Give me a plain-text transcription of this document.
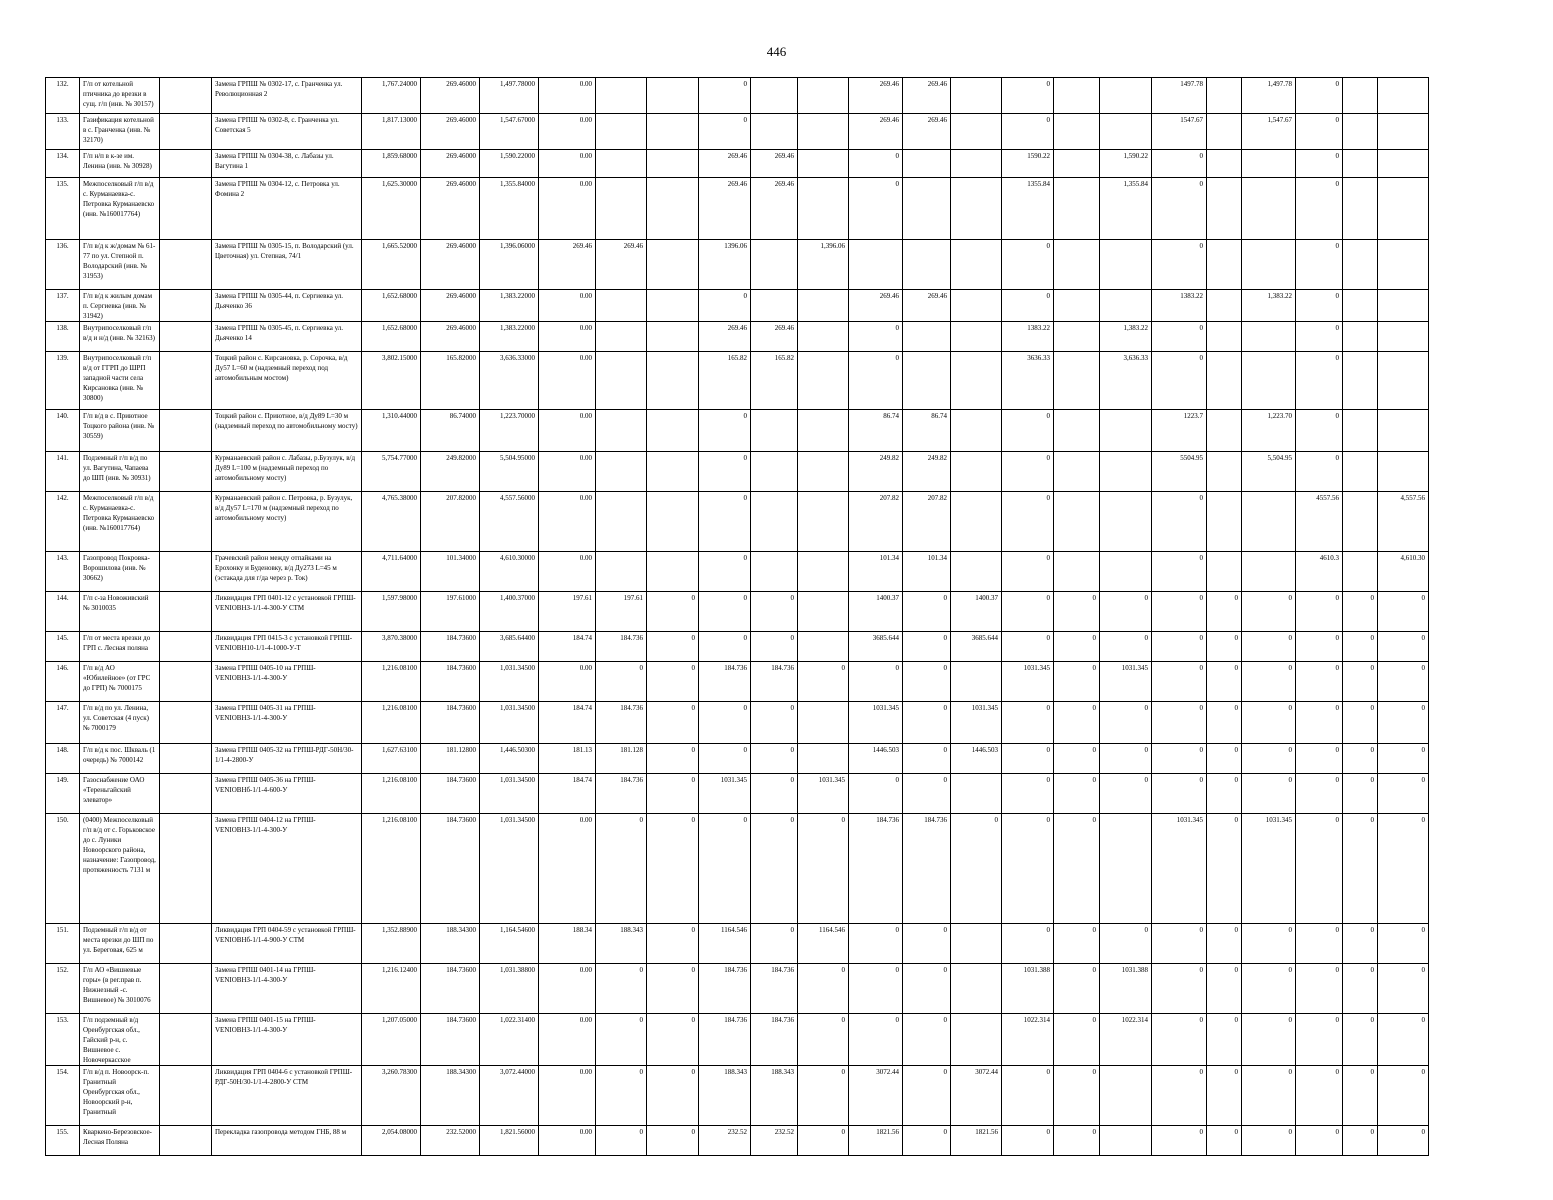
446
132.	Г/п от котельной птичника до врезки в сущ. г/п (инв. № 30157)		Замена ГРПШ № 0302-17, с. Гранченка ул. Революционная 2	1,767.24000	269.46000	1,497.78000	0.00			0			269.46	269.46		0			1497.78		1,497.78	0		
133.	Газификация котельной в с. Гранченка (инв. № 32170)		Замена ГРПШ № 0302-8, с. Гранченка ул. Советская 5	1,817.13000	269.46000	1,547.67000	0.00			0			269.46	269.46		0			1547.67		1,547.67	0		
134.	Г/п н/п в к-зе им. Ленина (инв. № 30928)		Замена ГРПШ № 0304-38, с. Лабазы ул. Вагутина 1	1,859.68000	269.46000	1,590.22000	0.00			269.46	269.46		0			1590.22		1,590.22	0			0		
135.	Межпоселковый г/п в/д с. Курманаевка-с. Петровка Курманаевско (инв. №160017764)		Замена ГРПШ № 0304-12, с. Петровка ул. Фомина 2	1,625.30000	269.46000	1,355.84000	0.00			269.46	269.46		0			1355.84		1,355.84	0			0		
136.	Г/п в/д к ж/домам № 61-77 по ул. Степной п. Володарский (инв. № 31953)		Замена ГРПШ № 0305-15, п. Володарский (ул. Цветочная) ул. Степная, 74/1	1,665.52000	269.46000	1,396.06000	269.46	269.46		1396.06		1,396.06				0			0			0		
137.	Г/п в/д к жилым домам п. Сергиевка (инв. № 31942)		Замена ГРПШ № 0305-44, п. Сергиевка ул. Дьяченко 36	1,652.68000	269.46000	1,383.22000	0.00			0			269.46	269.46		0			1383.22		1,383.22	0		
138.	Внутрипоселковый г/п в/д и н/д (инв. № 32163)		Замена ГРПШ № 0305-45, п. Сергиевка ул. Дьяченко 14	1,652.68000	269.46000	1,383.22000	0.00			269.46	269.46		0			1383.22		1,383.22	0			0		
139.	Внутрипоселковый г/п в/д от ГГРП до ШРП западной части села Кирсановка (инв. № 30800)		Тоцкий район с. Кирсановка, р. Сорочка, в/д Ду57 L=60 м (надземный переход под автомобильным мостом)	3,802.15000	165.82000	3,636.33000	0.00			165.82	165.82		0			3636.33		3,636.33	0			0		
140.	Г/п в/д в с. Приютное Тоцкого района (инв. № 30559)		Тоцкий район с. Приютное, в/д Ду89 L=30 м (надземный переход по автомобильному мосту)	1,310.44000	86.74000	1,223.70000	0.00			0			86.74	86.74		0			1223.7		1,223.70	0		
141.	Подземный г/п в/д по ул. Вагутина, Чапаева до ШП (инв. № 30931)		Курманаевский район с. Лабазы, р.Бузулук, в/д Ду89 L=100 м (надземный переход по автомобильному мосту)	5,754.77000	249.82000	5,504.95000	0.00			0			249.82	249.82		0			5504.95		5,504.95	0		
142.	Межпоселковый г/п в/д с. Курманаевка-с. Петровка Курманаевско (инв. №160017764)		Курманаевский район с. Петровка, р. Бузулук, в/д Ду57 L=170 м (надземный переход по автомобильному мосту)	4,765.38000	207.82000	4,557.56000	0.00			0			207.82	207.82		0			0			4557.56		4,557.56
143.	Газопровод Покровка-Ворошилова (инв. № 30662)		Грачевский район между отпайками на Ерохонку и Буденовку, в/д Ду273 L=45 м (эстакада для г/да через р. Ток)	4,711.64000	101.34000	4,610.30000	0.00			0			101.34	101.34		0			0			4610.3		4,610.30
144.	Г/п с-за Новоживский № 3010035		Ликвидация ГРП 0401-12 с установкой ГРПШ-VENIOВНЗ-1/1-4-300-У СТМ	1,597.98000	197.61000	1,400.37000	197.61	197.61	0	0	0		1400.37	0	1400.37	0	0	0	0	0	0	0	0	0
145.	Г/п от места врезки до ГРП с. Лесная поляна		Ликвидация ГРП 0415-3 с установкой ГРПШ-VENIOВН10-1/1-4-1000-У-Т	3,870.38000	184.73600	3,685.64400	184.74	184.736	0	0	0		3685.644	0	3685.644	0	0	0	0	0	0	0	0	0
146.	Г/п в/д АО «Юбилейное» (от ГРС до ГРП) № 7000175		Замена ГРПШ 0405-10 на ГРПШ-VENIOВНЗ-1/1-4-300-У	1,216.08100	184.73600	1,031.34500	0.00	0	0	184.736	184.736	0	0	0		1031.345	0	1031.345	0	0	0	0	0	0
147.	Г/п в/д по ул. Ленина, ул. Советская (4 пуск) № 7000179		Замена ГРПШ 0405-31 на ГРПШ-VENIOВНЗ-1/1-4-300-У	1,216.08100	184.73600	1,031.34500	184.74	184.736	0	0	0		1031.345	0	1031.345	0	0	0	0	0	0	0	0	0
148.	Г/п в/д к пос. Шкваль (1 очередь) № 7000142		Замена ГРПШ 0405-32 на ГРПШ-РДГ-50Н/30-1/1-4-2800-У	1,627.63100	181.12800	1,446.50300	181.13	181.128	0	0	0		1446.503	0	1446.503	0	0	0	0	0	0	0	0	0
149.	Газоснабжение ОАО «Тереньгайский элеватор»		Замена ГРПШ 0405-36 на ГРПШ-VENIOВНб-1/1-4-600-У	1,216.08100	184.73600	1,031.34500	184.74	184.736	0	1031.345	0	1031.345	0	0		0	0	0	0	0	0	0	0	0
150.	(0400) Межпоселковый г/п в/д от с. Горьковское до с. Луники Новоорского района, назначение: Газопровод, протяженность 7131 м		Замена ГРПШ 0404-12 на ГРПШ-VENIOВНЗ-1/1-4-300-У	1,216.08100	184.73600	1,031.34500	0.00	0	0	0	0	0	184.736	184.736	0	0	0		1031.345	0	1031.345	0	0	0
151.	Подземный г/п в/д от места врезки до ШП по ул. Береговая, 625 м		Ликвидация ГРП 0404-59 с установкой ГРПШ-VENIOВНб-1/1-4-900-У СТМ	1,352.88900	188.34300	1,164.54600	188.34	188.343	0	1164.546	0	1164.546	0	0		0	0	0	0	0	0	0	0	0
152.	Г/п АО «Вишневые горы» (в рег.прав п. Нижнезный -с. Вишневое) № 3010076		Замена ГРПШ 0401-14 на ГРПШ-VENIOВНЗ-1/1-4-300-У	1,216.12400	184.73600	1,031.38800	0.00	0	0	184.736	184.736	0	0	0		1031.388	0	1031.388	0	0	0	0	0	0
153.	Г/п подземный в/д Оренбургская обл., Гайский р-н, с. Вишневое с. Новочеркасское		Замена ГРПШ 0401-15 на ГРПШ-VENIOВНЗ-1/1-4-300-У	1,207.05000	184.73600	1,022.31400	0.00	0	0	184.736	184.736	0	0	0		1022.314	0	1022.314	0	0	0	0	0	0
154.	Г/п в/д п. Новоорск-п. Гранитный Оренбургская обл., Новоорский р-н, Гранитный		Ликвидация ГРП 0404-6 с установкой ГРПШ-РДГ-50Н/30-1/1-4-2800-У СТМ	3,260.78300	188.34300	3,072.44000	0.00	0	0	188.343	188.343	0	3072.44	0	3072.44	0	0		0	0	0	0	0	0
155.	Кваркено-Березовское-Лесная Поляна		Перекладка газопровода методом ГНБ, 88 м	2,054.08000	232.52000	1,821.56000	0.00	0	0	232.52	232.52	0	1821.56	0	1821.56	0	0		0	0	0	0	0	0
